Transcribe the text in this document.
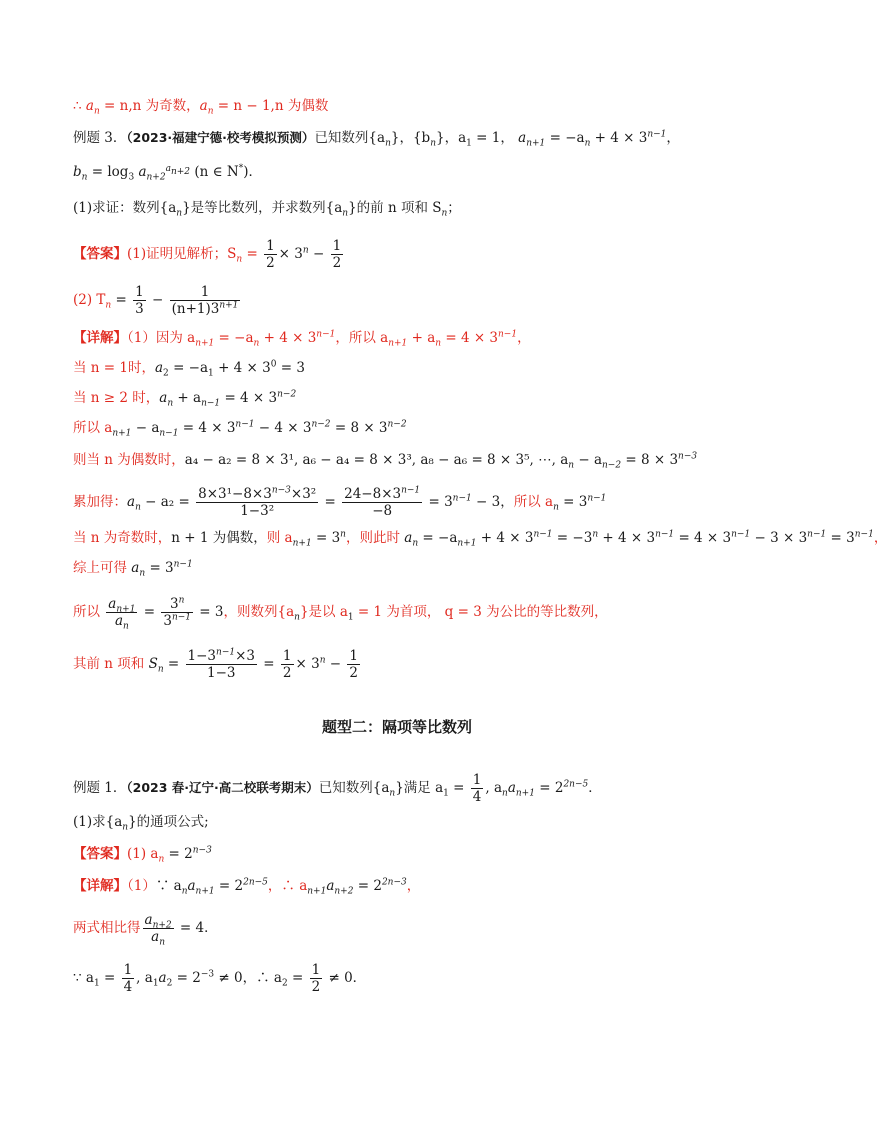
∴ $a_n = n,n$ 为奇数，$a_n = n - 1,n$ 为偶数
例题 3．（2023·福建宁德·校考模拟预测）已知数列$\{a_n\}$，$\{b_n\}$，$a_1 = 1$， $a_{n+1} = -a_n + 4 \times 3^{n-1}$，
$b_n = \log_3 a_{n+2}^{a_{n+2}}$ (n ∈ N*)．
(1)求证：数列$\{a_n\}$是等比数列，并求数列$\{a_n\}$的前 n 项和 $S_n$；
【答案】(1)证明见解析；$S_n = \frac{1}{2} \times 3^n - \frac{1}{2}$
(2) $T_n = \frac{1}{3} - \frac{1}{(n+1)3^{n+1}}$
【详解】（1）因为 $a_{n+1} = -a_n + 4 \times 3^{n-1}$，所以 $a_{n+1} + a_n = 4 \times 3^{n-1}$，
当 n = 1时，$a_2 = -a_1 + 4 \times 3^0 = 3$
当 n ≥ 2 时，$a_n + a_{n-1} = 4 \times 3^{n-2}$
所以 $a_{n+1} - a_{n-1} = 4 \times 3^{n-1} - 4 \times 3^{n-2} = 8 \times 3^{n-2}$
则当 n 为偶数时，a₄ − a₂ = 8 × 3¹, a₆ − a₄ = 8 × 3³, a₈ − a₆ = 8 × 3⁵, ⋯, $a_n - a_{n-2} = 8 \times 3^{n-3}$
累加得：$a_n - a_2 = \frac{8\times 3^1-8\times 3^{n-3}\times 3^2}{\text{1−3²}} = \frac{24-8\times 3^{n-1}}{-8} = 3^{n-1} - 3$，所以 $a_n = 3^{n-1}$
当 n 为奇数时，n + 1 为偶数，则 $a_{n+1} = 3^n$，则此时 $a_n = -a_{n+1} + 4 \times 3^{n-1} = -3^n + 4 \times 3^{n-1} = 4 \times 3^{n-1} - 3 \times 3^{n-1} = 3^{n-1}$，
综上可得 $a_n = 3^{n-1}$
所以 $\frac{a_{n+1}}{a_n} = \frac{3^n}{3^{n-1}} = 3$，则数列$\{a_n\}$是以 $a_1 = 1$ 为首项， q = 3 为公比的等比数列，
其前 n 项和 $S_n = \frac{1-3^{n-1}\times 3}{1-3} = \frac{1}{2} \times 3^n - \frac{1}{2}$
题型二：隔项等比数列
例题 1．（2023 春·辽宁·高二校联考期末）已知数列$\{a_n\}$满足 $a_1 = \frac{1}{4}$ , $a_na_{n+1} = 2^{2n-5}$．
(1)求$\{a_n\}$的通项公式;
【答案】(1) $a_n = 2^{n-3}$
【详解】（1）∵ $a_na_{n+1} = 2^{2n-5}$，∴ $a_{n+1}a_{n+2} = 2^{2n-3}$，
两式相比得 $\frac{a_{n+2}}{a_n} = 4$．
∵ $a_1 = \frac{1}{4}$ , $a_1a_2 = 2^{-3} \ne 0$，∴ $a_2 = \frac{1}{2} \ne 0$．
